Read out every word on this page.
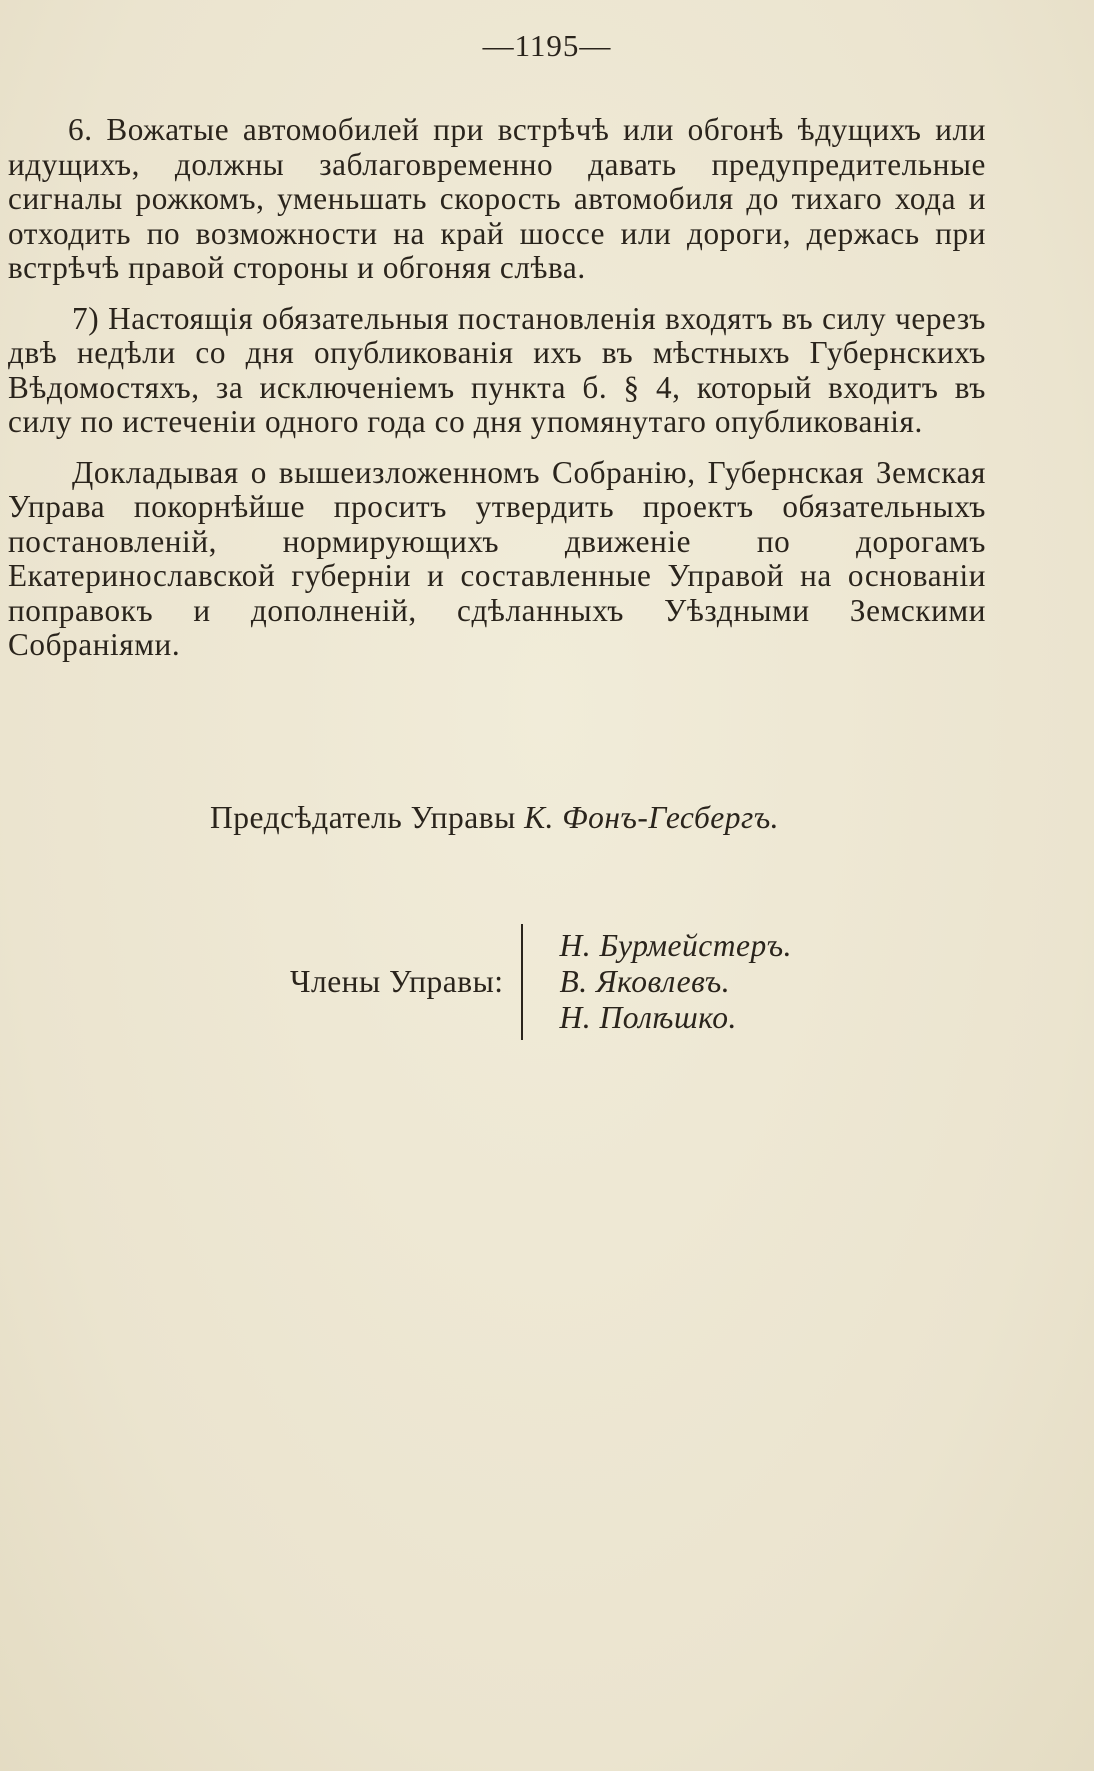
—1195—

6. Вожатые автомобилей при встрѣчѣ или обгонѣ ѣдущихъ или идущихъ, должны заблаговременно давать предупредительные сигналы рожкомъ, уменьшать скорость автомобиля до тихаго хода и отходить по возможности на край шоссе или дороги, держась при встрѣчѣ правой стороны и обгоняя слѣва.

7) Настоящія обязательныя постановленія входятъ въ силу черезъ двѣ недѣли со дня опубликованія ихъ въ мѣстныхъ Губернскихъ Вѣдомостяхъ, за исключеніемъ пункта б. § 4, который входитъ въ силу по истеченіи одного года со дня упомянутаго опубликованія.

Докладывая о вышеизложенномъ Собранію, Губернская Земская Управа покорнѣйше проситъ утвердить проектъ обязательныхъ постановленій, нормирующихъ движеніе по дорогамъ Екатеринославской губерніи и составленные Управой на основаніи поправокъ и дополненій, сдѣланныхъ Уѣздными Земскими Собраніями.

Предсѣдатель Управы К. Фонъ-Гесбергъ.
Члены Управы:
Н. Бурмейстеръ.
В. Яковлевъ.
Н. Полѣшко.
